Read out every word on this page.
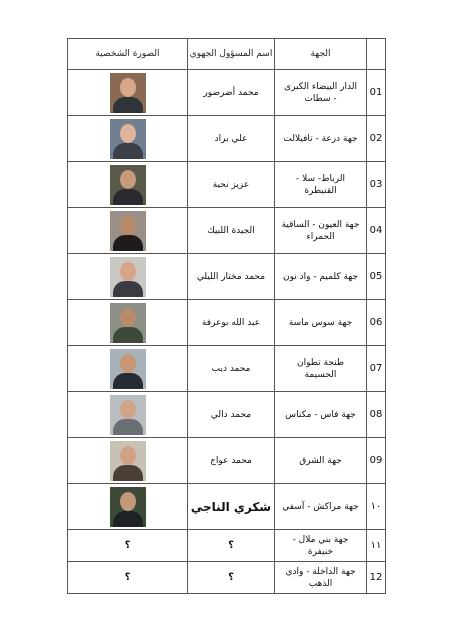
الصورة الشخصية	اسم المسؤول الجهوي	الجهة	

	محمد أضرضور	الدار البيضاء الكبرى - سطات	01

	علي براد	جهة درعة - تافيلالت	02

	عزيز نحية	الرباط- سلا - القنيطرة	03

	الجيدة اللبيك	جهة العيون - الساقية الحمراء	04

	محمد مختار الليلي	جهة كلميم - واد نون	05

	عبد الله بوعرفة	جهة سوس ماسة	06

	محمد ديب	طنجة تطوان الحسيمة	07

	محمد دالي	جهة فاس - مكناس	08

	محمد عواج	جهة الشرق	09

	شكري الناجي	جهة مراكش - آسفي	١٠
؟	؟	جهة بني ملال - خنيفرة	١١
؟	؟	جهة الداخلة - وادي الذهب	12
